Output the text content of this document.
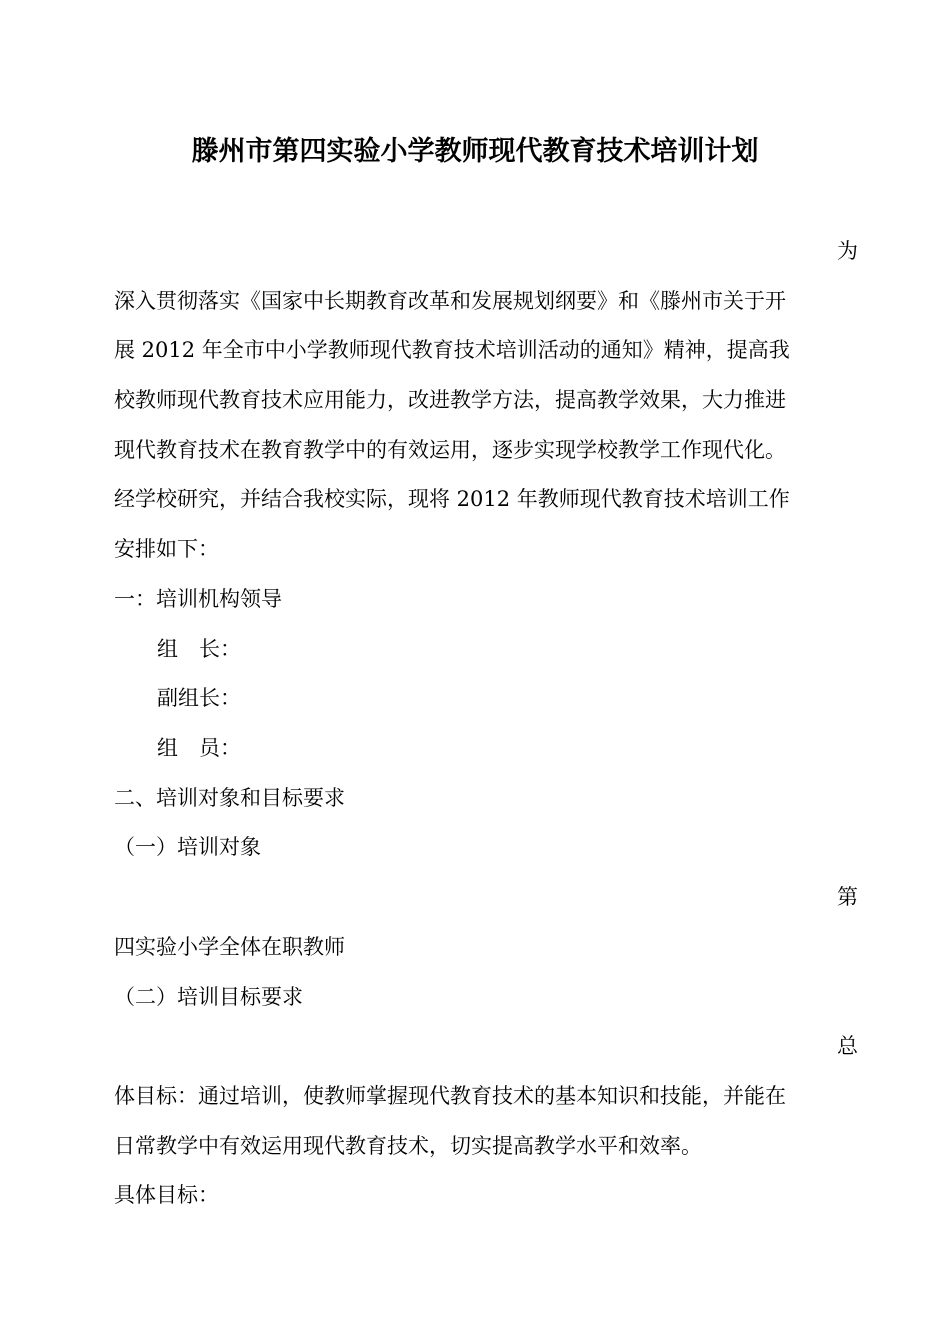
滕州市第四实验小学教师现代教育技术培训计划

为

深入贯彻落实《国家中长期教育改革和发展规划纲要》和《滕州市关于开

展 2012 年全市中小学教师现代教育技术培训活动的通知》精神，提高我

校教师现代教育技术应用能力，改进教学方法，提高教学效果，大力推进

现代教育技术在教育教学中的有效运用，逐步实现学校教学工作现代化。

经学校研究，并结合我校实际，现将 2012 年教师现代教育技术培训工作

安排如下：

一：培训机构领导

组　长：

副组长：

组　员：

二、培训对象和目标要求

（一）培训对象

第

四实验小学全体在职教师

（二）培训目标要求

总

体目标：通过培训，使教师掌握现代教育技术的基本知识和技能，并能在

日常教学中有效运用现代教育技术，切实提高教学水平和效率。

具体目标：
